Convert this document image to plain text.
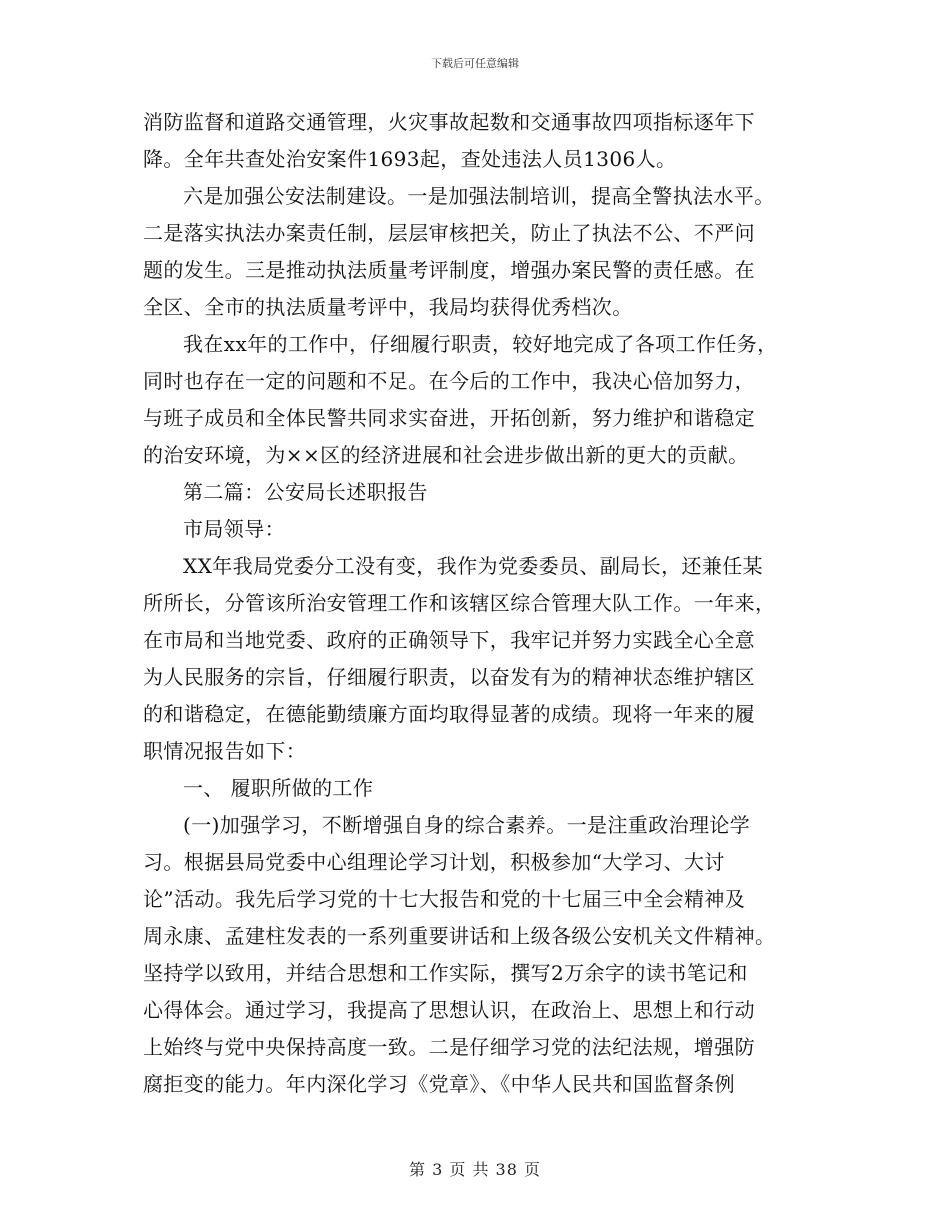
下载后可任意编辑
消防监督和道路交通管理，火灾事故起数和交通事故四项指标逐年下
降。全年共查处治安案件1693起，查处违法人员1306人。
六是加强公安法制建设。一是加强法制培训，提高全警执法水平。
二是落实执法办案责任制，层层审核把关，防止了执法不公、不严问
题的发生。三是推动执法质量考评制度，增强办案民警的责任感。在
全区、全市的执法质量考评中，我局均获得优秀档次。
我在xx年的工作中，仔细履行职责，较好地完成了各项工作任务，
同时也存在一定的问题和不足。在今后的工作中，我决心倍加努力，
与班子成员和全体民警共同求实奋进，开拓创新，努力维护和谐稳定
的治安环境，为××区的经济进展和社会进步做出新的更大的贡献。
第二篇：公安局长述职报告
市局领导：
XX年我局党委分工没有变，我作为党委委员、副局长，还兼任某
所所长，分管该所治安管理工作和该辖区综合管理大队工作。一年来，
在市局和当地党委、政府的正确领导下，我牢记并努力实践全心全意
为人民服务的宗旨，仔细履行职责，以奋发有为的精神状态维护辖区
的和谐稳定，在德能勤绩廉方面均取得显著的成绩。现将一年来的履
职情况报告如下：
一、 履职所做的工作
(一)加强学习，不断增强自身的综合素养。一是注重政治理论学
习。根据县局党委中心组理论学习计划，积极参加“大学习、大讨
论”活动。我先后学习党的十七大报告和党的十七届三中全会精神及
周永康、孟建柱发表的一系列重要讲话和上级各级公安机关文件精神。
坚持学以致用，并结合思想和工作实际，撰写2万余字的读书笔记和
心得体会。通过学习，我提高了思想认识，在政治上、思想上和行动
上始终与党中央保持高度一致。二是仔细学习党的法纪法规，增强防
腐拒变的能力。年内深化学习《党章》、《中华人民共和国监督条例
第 3 页 共 38 页
